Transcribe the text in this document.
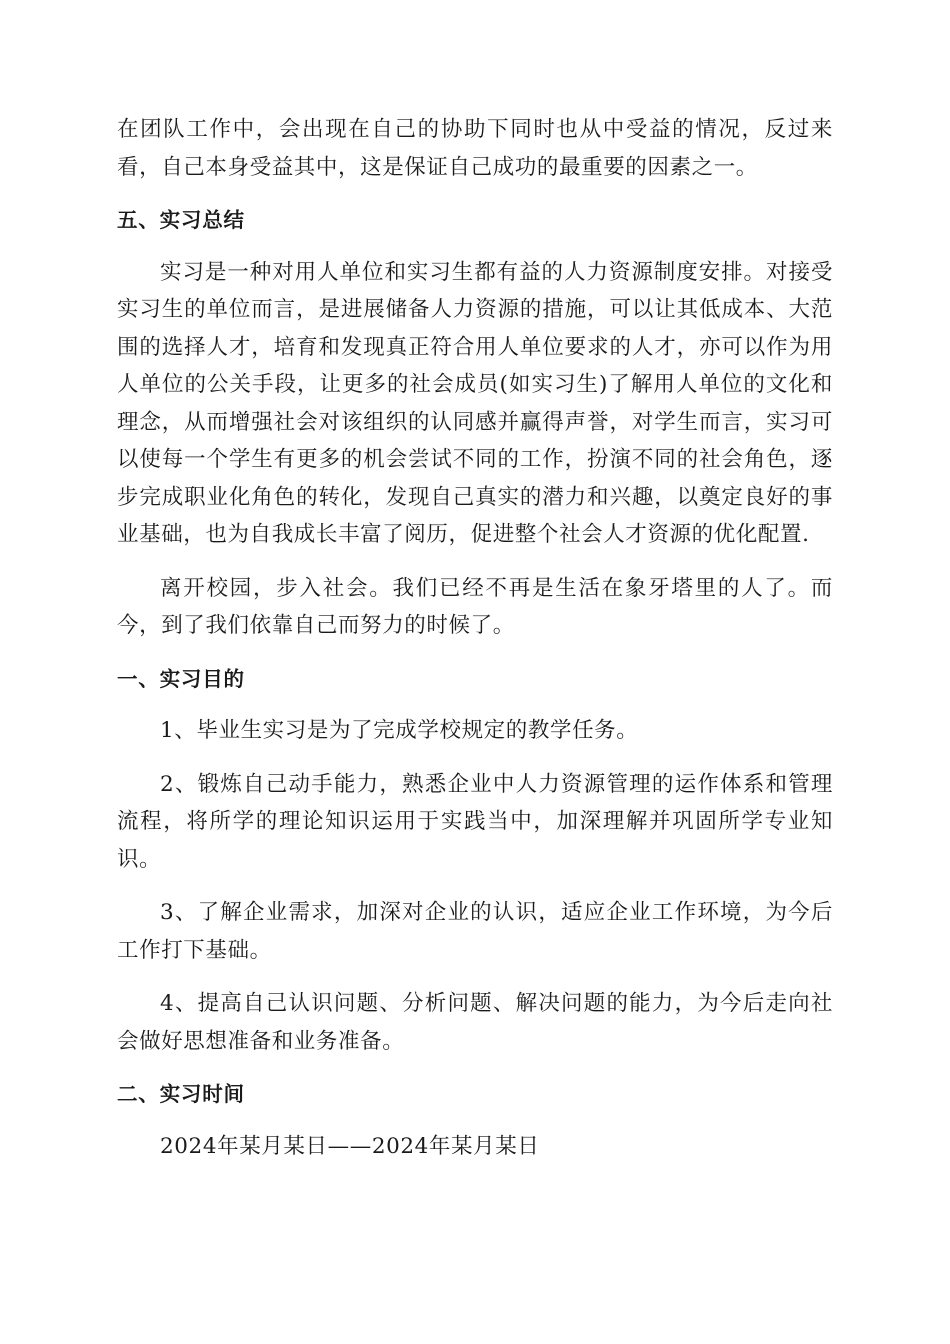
在团队工作中，会出现在自己的协助下同时也从中受益的情况，反过来看，自己本身受益其中，这是保证自己成功的最重要的因素之一。

五、实习总结

实习是一种对用人单位和实习生都有益的人力资源制度安排。对接受实习生的单位而言，是进展储备人力资源的措施，可以让其低成本、大范围的选择人才，培育和发现真正符合用人单位要求的人才，亦可以作为用人单位的公关手段，让更多的社会成员(如实习生)了解用人单位的文化和理念，从而增强社会对该组织的认同感并赢得声誉，对学生而言，实习可以使每一个学生有更多的机会尝试不同的工作，扮演不同的社会角色，逐步完成职业化角色的转化，发现自己真实的潜力和兴趣，以奠定良好的事业基础，也为自我成长丰富了阅历，促进整个社会人才资源的优化配置.

离开校园，步入社会。我们已经不再是生活在象牙塔里的人了。而今，到了我们依靠自己而努力的时候了。

一、实习目的

1、毕业生实习是为了完成学校规定的教学任务。

2、锻炼自己动手能力，熟悉企业中人力资源管理的运作体系和管理流程，将所学的理论知识运用于实践当中，加深理解并巩固所学专业知识。

3、了解企业需求，加深对企业的认识，适应企业工作环境，为今后工作打下基础。

4、提高自己认识问题、分析问题、解决问题的能力，为今后走向社会做好思想准备和业务准备。

二、实习时间

2024年某月某日——2024年某月某日
